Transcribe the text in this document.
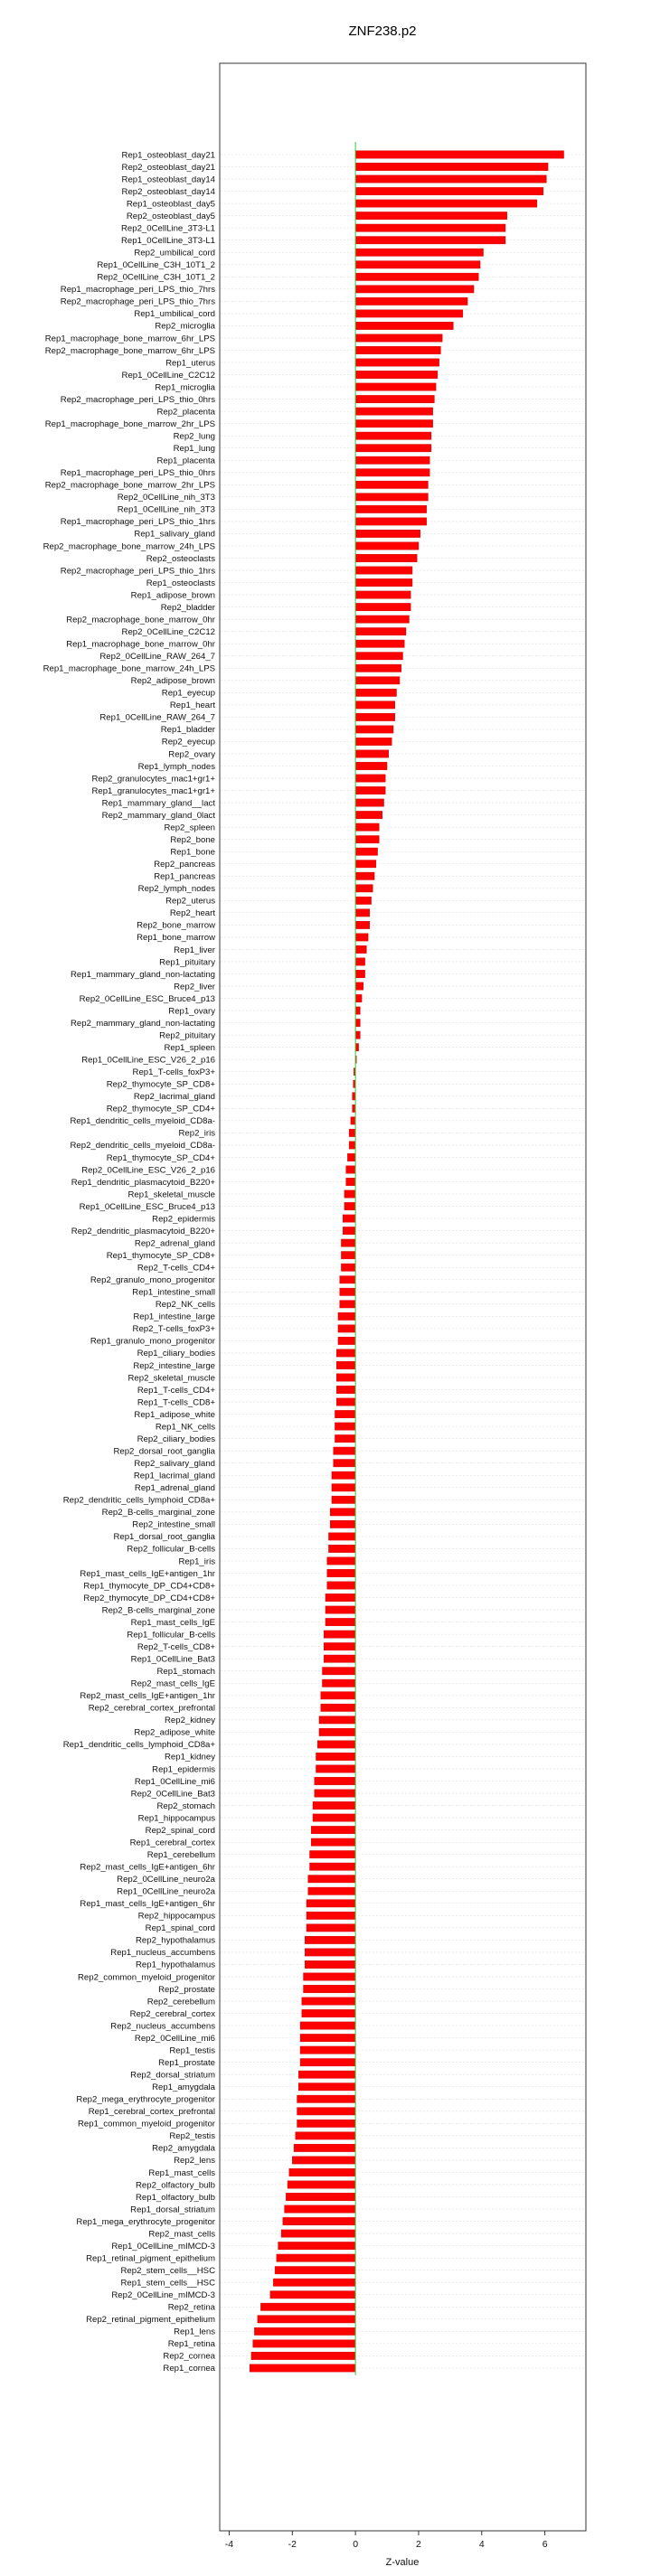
ZNF238.p2
Rep1_osteoblast_day21
Rep2_osteoblast_day21
Rep1_osteoblast_day14
Rep2_osteoblast_day14
Rep1_osteoblast_day5
Rep2_osteoblast_day5
Rep2_0CellLine_3T3-L1
Rep1_0CellLine_3T3-L1
Rep2_umbilical_cord
Rep1_0CellLine_C3H_10T1_2
Rep2_0CellLine_C3H_10T1_2
Rep1_macrophage_peri_LPS_thio_7hrs
Rep2_macrophage_peri_LPS_thio_7hrs
Rep1_umbilical_cord
Rep2_microglia
Rep1_macrophage_bone_marrow_6hr_LPS
Rep2_macrophage_bone_marrow_6hr_LPS
Rep1_uterus
Rep1_0CellLine_C2C12
Rep1_microglia
Rep2_macrophage_peri_LPS_thio_0hrs
Rep2_placenta
Rep1_macrophage_bone_marrow_2hr_LPS
Rep2_lung
Rep1_lung
Rep1_placenta
Rep1_macrophage_peri_LPS_thio_0hrs
Rep2_macrophage_bone_marrow_2hr_LPS
Rep2_0CellLine_nih_3T3
Rep1_0CellLine_nih_3T3
Rep1_macrophage_peri_LPS_thio_1hrs
Rep1_salivary_gland
Rep2_macrophage_bone_marrow_24h_LPS
Rep2_osteoclasts
Rep2_macrophage_peri_LPS_thio_1hrs
Rep1_osteoclasts
Rep1_adipose_brown
Rep2_bladder
Rep2_macrophage_bone_marrow_0hr
Rep2_0CellLine_C2C12
Rep1_macrophage_bone_marrow_0hr
Rep2_0CellLine_RAW_264_7
Rep1_macrophage_bone_marrow_24h_LPS
Rep2_adipose_brown
Rep1_eyecup
Rep1_heart
Rep1_0CellLine_RAW_264_7
Rep1_bladder
Rep2_eyecup
Rep2_ovary
Rep1_lymph_nodes
Rep2_granulocytes_mac1+gr1+
Rep1_granulocytes_mac1+gr1+
Rep1_mammary_gland__lact
Rep2_mammary_gland_0lact
Rep2_spleen
Rep2_bone
Rep1_bone
Rep2_pancreas
Rep1_pancreas
Rep2_lymph_nodes
Rep2_uterus
Rep2_heart
Rep2_bone_marrow
Rep1_bone_marrow
Rep1_liver
Rep1_pituitary
Rep1_mammary_gland_non-lactating
Rep2_liver
Rep2_0CellLine_ESC_Bruce4_p13
Rep1_ovary
Rep2_mammary_gland_non-lactating
Rep2_pituitary
Rep1_spleen
Rep1_0CellLine_ESC_V26_2_p16
Rep1_T-cells_foxP3+
Rep2_thymocyte_SP_CD8+
Rep2_lacrimal_gland
Rep2_thymocyte_SP_CD4+
Rep1_dendritic_cells_myeloid_CD8a-
Rep2_iris
Rep2_dendritic_cells_myeloid_CD8a-
Rep1_thymocyte_SP_CD4+
Rep2_0CellLine_ESC_V26_2_p16
Rep1_dendritic_plasmacytoid_B220+
Rep1_skeletal_muscle
Rep1_0CellLine_ESC_Bruce4_p13
Rep2_epidermis
Rep2_dendritic_plasmacytoid_B220+
Rep2_adrenal_gland
Rep1_thymocyte_SP_CD8+
Rep2_T-cells_CD4+
Rep2_granulo_mono_progenitor
Rep1_intestine_small
Rep2_NK_cells
Rep1_intestine_large
Rep2_T-cells_foxP3+
Rep1_granulo_mono_progenitor
Rep1_ciliary_bodies
Rep2_intestine_large
Rep2_skeletal_muscle
Rep1_T-cells_CD4+
Rep1_T-cells_CD8+
Rep1_adipose_white
Rep1_NK_cells
Rep2_ciliary_bodies
Rep2_dorsal_root_ganglia
Rep2_salivary_gland
Rep1_lacrimal_gland
Rep1_adrenal_gland
Rep2_dendritic_cells_lymphoid_CD8a+
Rep2_B-cells_marginal_zone
Rep2_intestine_small
Rep1_dorsal_root_ganglia
Rep2_follicular_B-cells
Rep1_iris
Rep1_mast_cells_IgE+antigen_1hr
Rep1_thymocyte_DP_CD4+CD8+
Rep2_thymocyte_DP_CD4+CD8+
Rep2_B-cells_marginal_zone
Rep1_mast_cells_IgE
Rep1_follicular_B-cells
Rep2_T-cells_CD8+
Rep1_0CellLine_Bat3
Rep1_stomach
Rep2_mast_cells_IgE
Rep2_mast_cells_IgE+antigen_1hr
Rep2_cerebral_cortex_prefrontal
Rep2_kidney
Rep2_adipose_white
Rep1_dendritic_cells_lymphoid_CD8a+
Rep1_kidney
Rep1_epidermis
Rep1_0CellLine_mi6
Rep2_0CellLine_Bat3
Rep2_stomach
Rep1_hippocampus
Rep2_spinal_cord
Rep1_cerebral_cortex
Rep1_cerebellum
Rep2_mast_cells_IgE+antigen_6hr
Rep2_0CellLine_neuro2a
Rep1_0CellLine_neuro2a
Rep1_mast_cells_IgE+antigen_6hr
Rep2_hippocampus
Rep1_spinal_cord
Rep2_hypothalamus
Rep1_nucleus_accumbens
Rep1_hypothalamus
Rep2_common_myeloid_progenitor
Rep2_prostate
Rep2_cerebellum
Rep2_cerebral_cortex
Rep2_nucleus_accumbens
Rep2_0CellLine_mi6
Rep1_testis
Rep1_prostate
Rep2_dorsal_striatum
Rep1_amygdala
Rep2_mega_erythrocyte_progenitor
Rep1_cerebral_cortex_prefrontal
Rep1_common_myeloid_progenitor
Rep2_testis
Rep2_amygdala
Rep2_lens
Rep1_mast_cells
Rep2_olfactory_bulb
Rep1_olfactory_bulb
Rep1_dorsal_striatum
Rep1_mega_erythrocyte_progenitor
Rep2_mast_cells
Rep1_0CellLine_mIMCD-3
Rep1_retinal_pigment_epithelium
Rep2_stem_cells__HSC
Rep1_stem_cells__HSC
Rep2_0CellLine_mIMCD-3
Rep2_retina
Rep2_retinal_pigment_epithelium
Rep1_lens
Rep1_retina
Rep2_cornea
Rep1_cornea
-4	-2	0	2	4	6
Z-value
